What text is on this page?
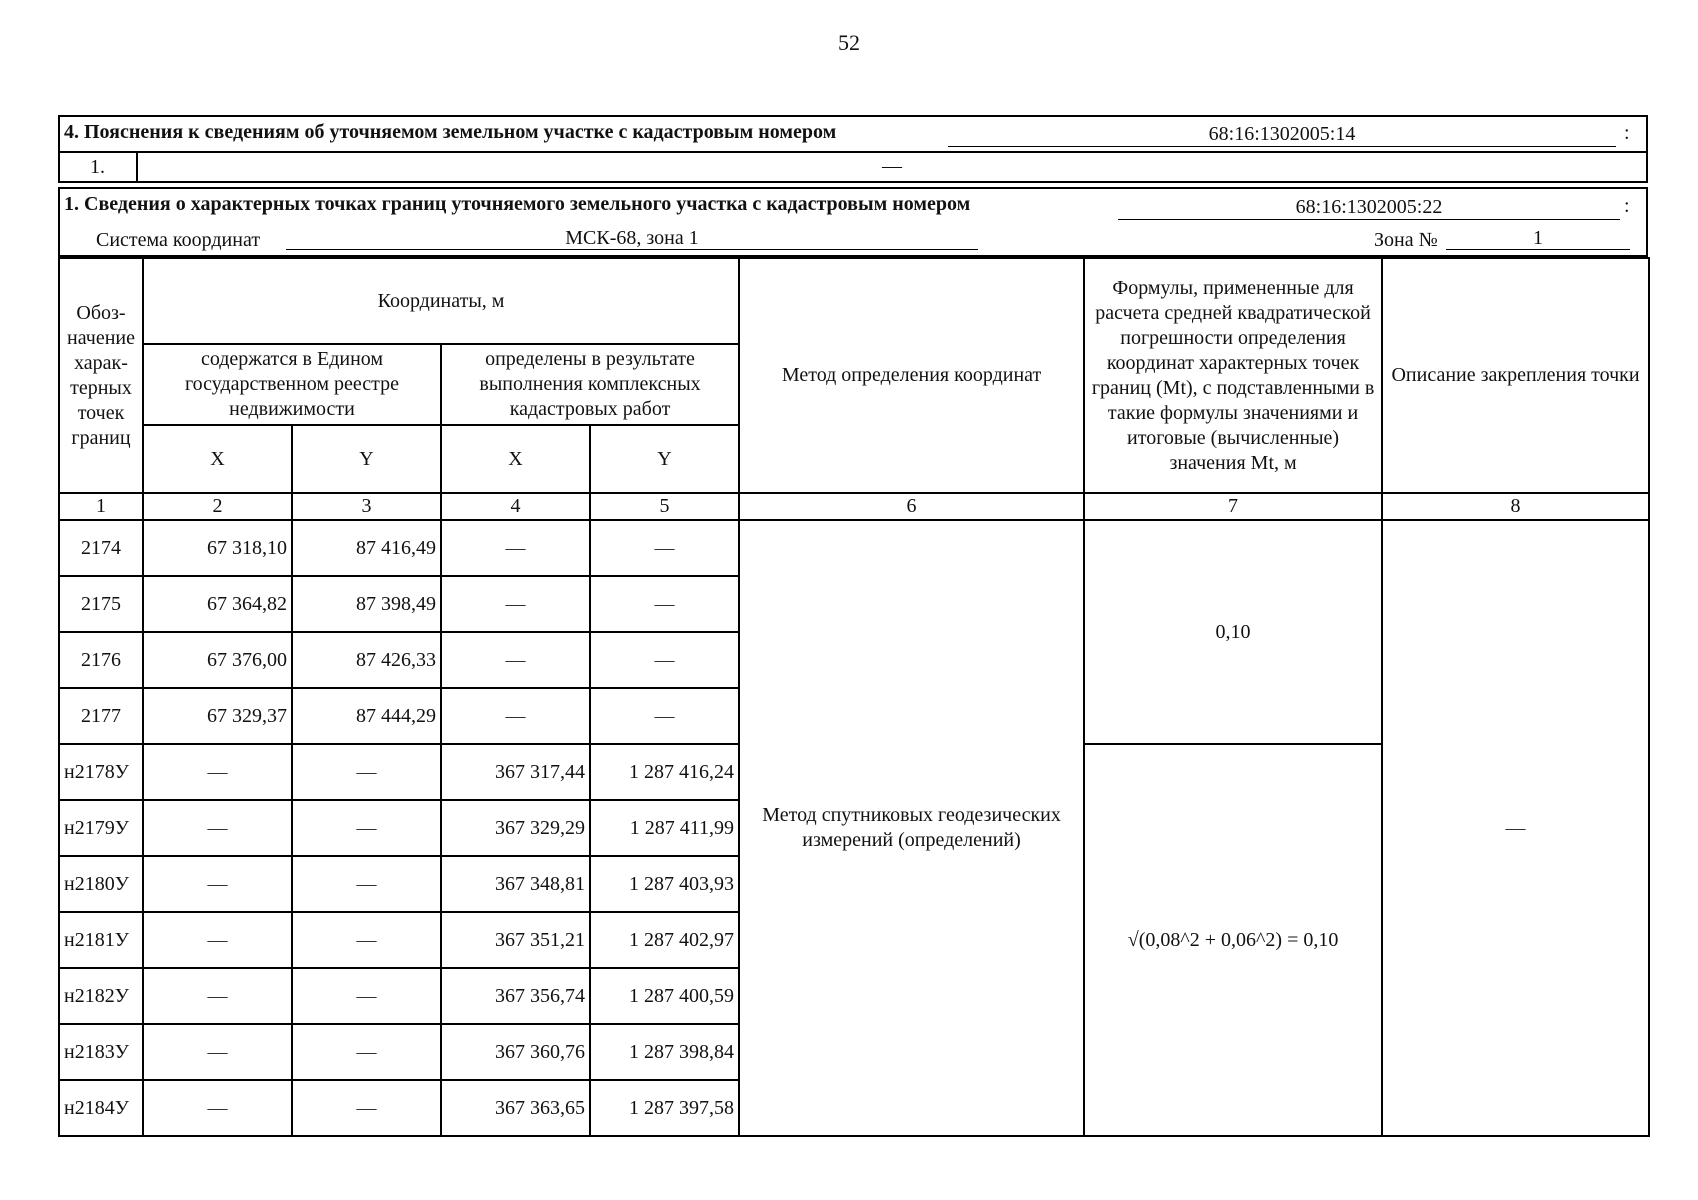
52
4. Пояснения к сведениям об уточняемом земельном участке с кадастровым номером	68:16:1302005:14	:
1.	—
1. Сведения о характерных точках границ уточняемого земельного участка с кадастровым номером	68:16:1302005:22	:
Система координат	МСК-68, зона 1	Зона №	1
Обоз-начение харак-терных точек границ	Координаты, м				Метод определения координат	Формулы, примененные для расчета средней квадратической погрешности определения координат характерных точек границ (Mt), с подставленными в такие формулы значениями и итоговые (вычисленные) значения Mt, м	Описание закрепления точки
	содержатся в Едином государственном реестре недвижимости		определены в результате выполнения комплексных кадастровых работ				
	X	Y	X	Y			
1	2	3	4	5	6	7	8
2174	67 318,10	87 416,49	—	—	Метод спутниковых геодезических измерений (определений)	0,10	—
2175	67 364,82	87 398,49	—	—			
2176	67 376,00	87 426,33	—	—			
2177	67 329,37	87 444,29	—	—			
н2178У	—	—	367 317,44	1 287 416,24		√(0,08^2 + 0,06^2) = 0,10	
н2179У	—	—	367 329,29	1 287 411,99			
н2180У	—	—	367 348,81	1 287 403,93			
н2181У	—	—	367 351,21	1 287 402,97			
н2182У	—	—	367 356,74	1 287 400,59			
н2183У	—	—	367 360,76	1 287 398,84			
н2184У	—	—	367 363,65	1 287 397,58			
